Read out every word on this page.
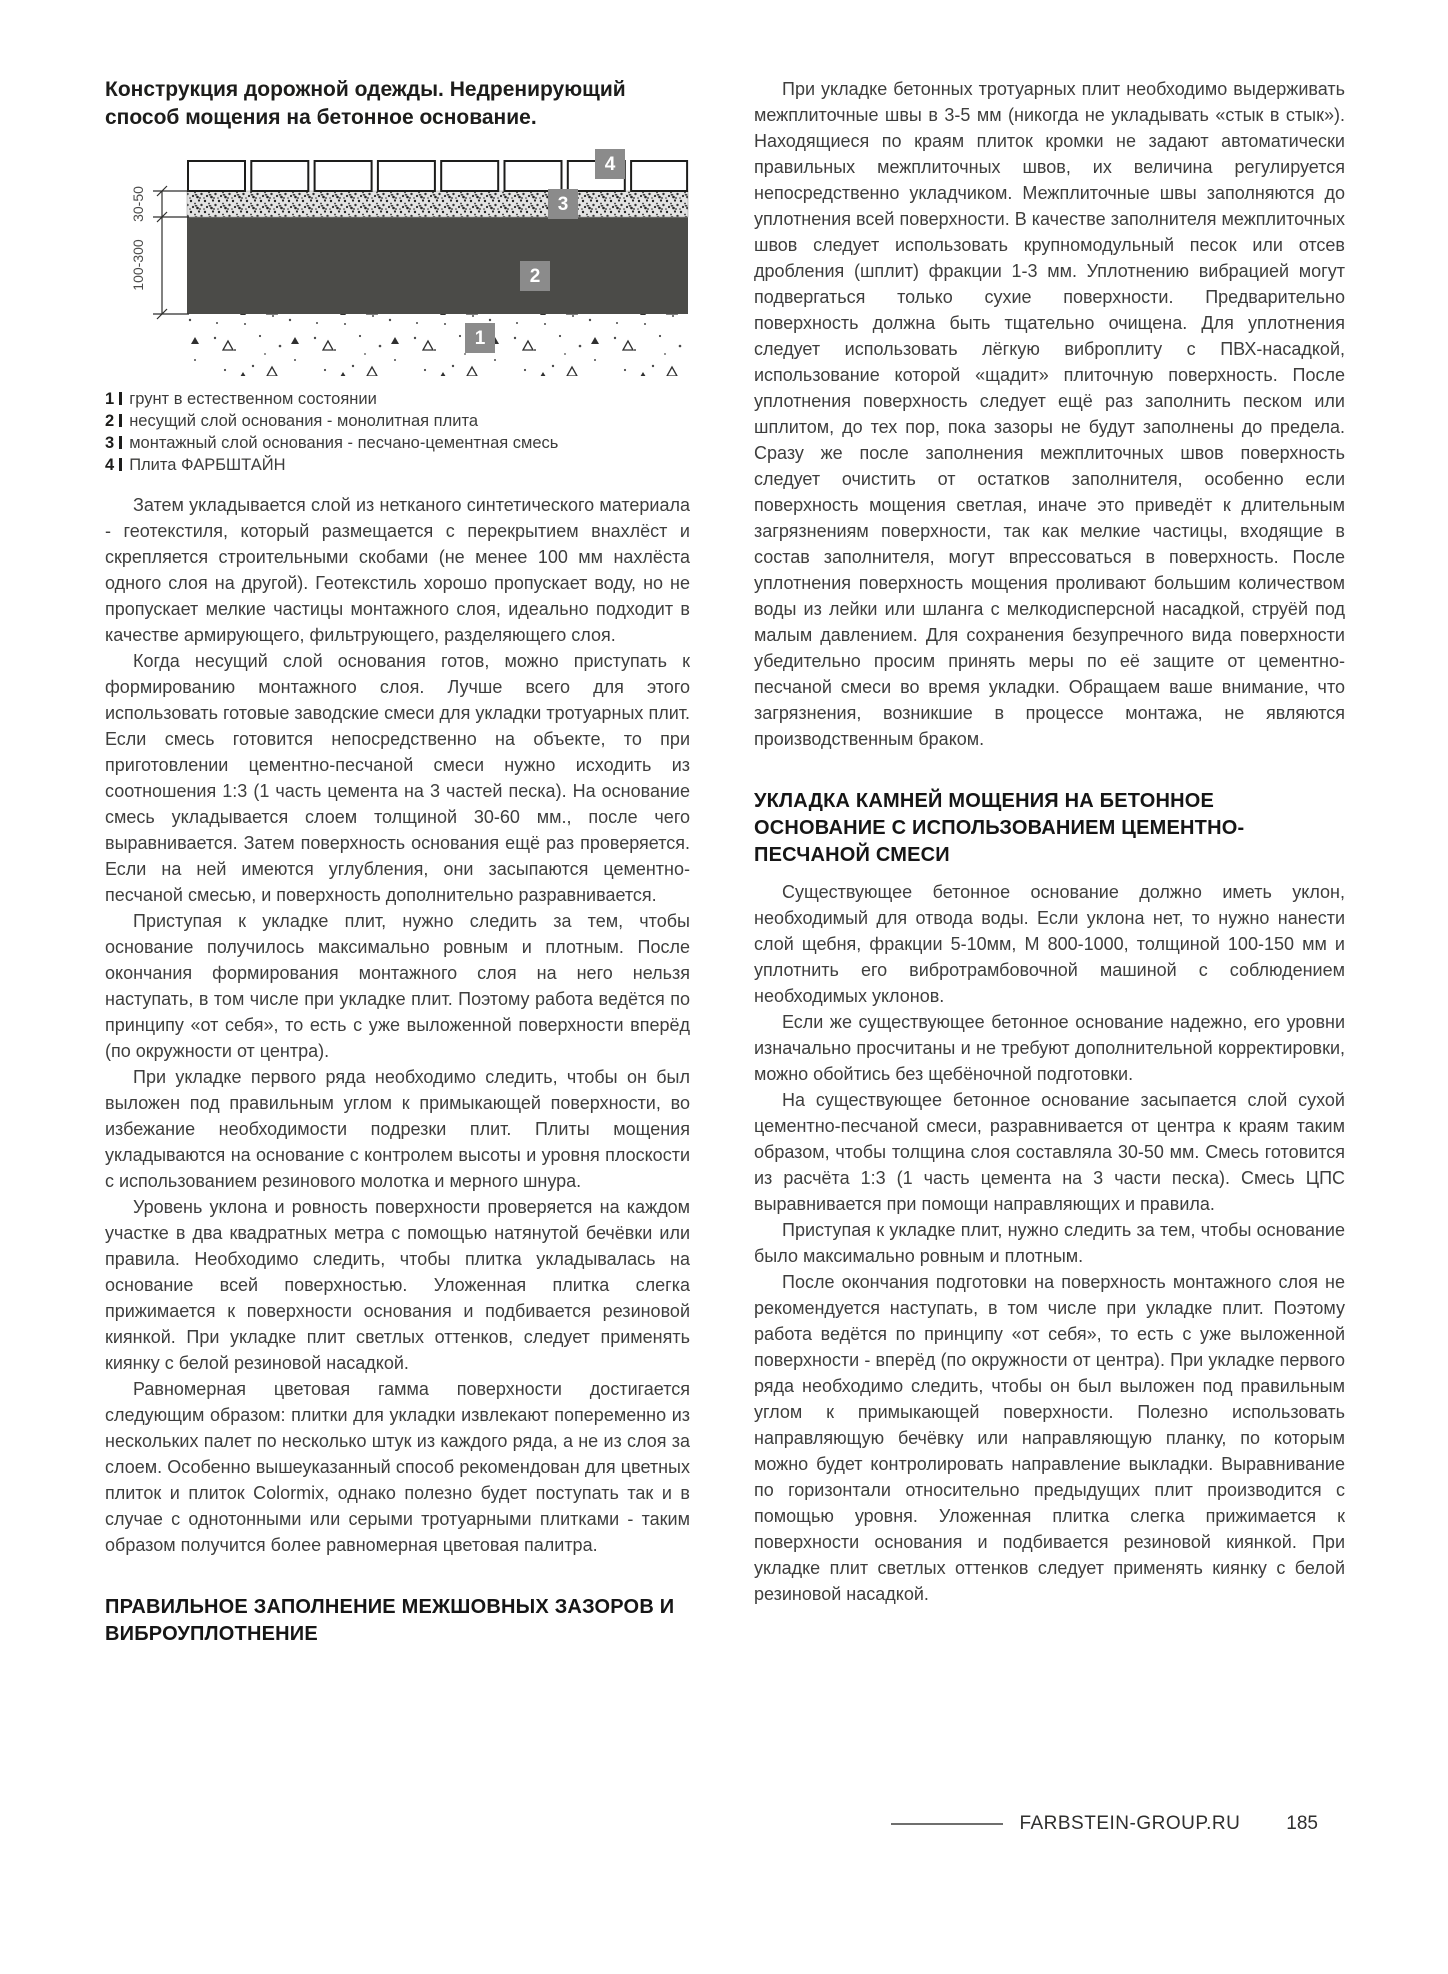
Конструкция дорожной одежды. Недренирующий способ мощения на бетонное основание.

30-50
100-300
4
3
2
1
1 грунт в естественном состоянии
2 несущий слой основания - монолитная плита
3 монтажный слой основания - песчано-цементная смесь
4 Плита ФАРБШТАЙН

Затем укладывается слой из нетканого синтетического материала - геотекстиля, который размещается с перекрытием внахлёст и скрепляется строительными скобами (не менее 100 мм нахлёста одного слоя на другой). Геотекстиль хорошо пропускает воду, но не пропускает мелкие частицы монтажного слоя, идеально подходит в качестве армирующего, фильтрующего, разделяющего слоя.

Когда несущий слой основания готов, можно приступать к формированию монтажного слоя. Лучше всего для этого использовать готовые заводские смеси для укладки тротуарных плит. Если смесь готовится непосредственно на объекте, то при приготовлении цементно-песчаной смеси нужно исходить из соотношения 1:3 (1 часть цемента на 3 частей песка). На основание смесь укладывается слоем толщиной 30-60 мм., после чего выравнивается. Затем поверхность основания ещё раз проверяется. Если на ней имеются углубления, они засыпаются цементно-песчаной смесью, и поверхность дополнительно разравнивается.

Приступая к укладке плит, нужно следить за тем, чтобы основание получилось максимально ровным и плотным. После окончания формирования монтажного слоя на него нельзя наступать, в том числе при укладке плит. Поэтому работа ведётся по принципу «от себя», то есть с уже выложенной поверхности вперёд (по окружности от центра).

При укладке первого ряда необходимо следить, чтобы он был выложен под правильным углом к примыкающей поверхности, во избежание необходимости подрезки плит. Плиты мощения укладываются на основание с контролем высоты и уровня плоскости с использованием резинового молотка и мерного шнура.

Уровень уклона и ровность поверхности проверяется на каждом участке в два квадратных метра с помощью натянутой бечёвки или правила. Необходимо следить, чтобы плитка укладывалась на основание всей поверхностью. Уложенная плитка слегка прижимается к поверхности основания и подбивается резиновой киянкой. При укладке плит светлых оттенков, следует применять киянку с белой резиновой насадкой.

Равномерная цветовая гамма поверхности достигается следующим образом: плитки для укладки извлекают попеременно из нескольких палет по несколько штук из каждого ряда, а не из слоя за слоем. Особенно вышеуказанный способ рекомендован для цветных плиток и плиток Colormix, однако полезно будет поступать так и в случае с однотонными или серыми тротуарными плитками - таким образом получится более равномерная цветовая палитра.

ПРАВИЛЬНОЕ ЗАПОЛНЕНИЕ МЕЖШОВНЫХ ЗАЗОРОВ И ВИБРОУПЛОТНЕНИЕ

При укладке бетонных тротуарных плит необходимо выдерживать межплиточные швы в 3-5 мм (никогда не укладывать «стык в стык»). Находящиеся по краям плиток кромки не задают автоматически правильных межплиточных швов, их величина регулируется непосредственно укладчиком. Межплиточные швы заполняются до уплотнения всей поверхности. В качестве заполнителя межплиточных швов следует использовать крупномодульный песок или отсев дробления (шплит) фракции 1-3 мм. Уплотнению вибрацией могут подвергаться только сухие поверхности. Предварительно поверхность должна быть тщательно очищена. Для уплотнения следует использовать лёгкую виброплиту с ПВХ-насадкой, использование которой «щадит» плиточную поверхность. После уплотнения поверхность следует ещё раз заполнить песком или шплитом, до тех пор, пока зазоры не будут заполнены до предела. Сразу же после заполнения межплиточных швов поверхность следует очистить от остатков заполнителя, особенно если поверхность мощения светлая, иначе это приведёт к длительным загрязнениям поверхности, так как мелкие частицы, входящие в состав заполнителя, могут впрессоваться в поверхность. После уплотнения поверхность мощения проливают большим количеством воды из лейки или шланга с мелкодисперсной насадкой, струёй под малым давлением. Для сохранения безупречного вида поверхности убедительно просим принять меры по её защите от цементно-песчаной смеси во время укладки. Обращаем ваше внимание, что загрязнения, возникшие в процессе монтажа, не являются производственным браком.

УКЛАДКА КАМНЕЙ МОЩЕНИЯ НА БЕТОННОЕ ОСНОВАНИЕ С ИСПОЛЬЗОВАНИЕМ ЦЕМЕНТНО-ПЕСЧАНОЙ СМЕСИ

Существующее бетонное основание должно иметь уклон, необходимый для отвода воды. Если уклона нет, то нужно нанести слой щебня, фракции 5-10мм, М 800-1000, толщиной 100-150 мм и уплотнить его вибротрамбовочной машиной с соблюдением необходимых уклонов.

Если же существующее бетонное основание надежно, его уровни изначально просчитаны и не требуют дополнительной корректировки, можно обойтись без щебёночной подготовки.

На существующее бетонное основание засыпается слой сухой цементно-песчаной смеси, разравнивается от центра к краям таким образом, чтобы толщина слоя составляла 30-50 мм. Смесь готовится из расчёта 1:3 (1 часть цемента на 3 части песка). Смесь ЦПС выравнивается при помощи направляющих и правила.

Приступая к укладке плит, нужно следить за тем, чтобы основание было максимально ровным и плотным.

После окончания подготовки на поверхность монтажного слоя не рекомендуется наступать, в том числе при укладке плит. Поэтому работа ведётся по принципу «от себя», то есть с уже выложенной поверхности - вперёд (по окружности от центра). При укладке первого ряда необходимо следить, чтобы он был выложен под правильным углом к примыкающей поверхности. Полезно использовать направляющую бечёвку или направляющую планку, по которым можно будет контролировать направление выкладки. Выравнивание по горизонтали относительно предыдущих плит производится с помощью уровня. Уложенная плитка слегка прижимается к поверхности основания и подбивается резиновой киянкой. При укладке плит светлых оттенков следует применять киянку с белой резиновой насадкой.

FARBSTEIN-GROUP.RU 185
